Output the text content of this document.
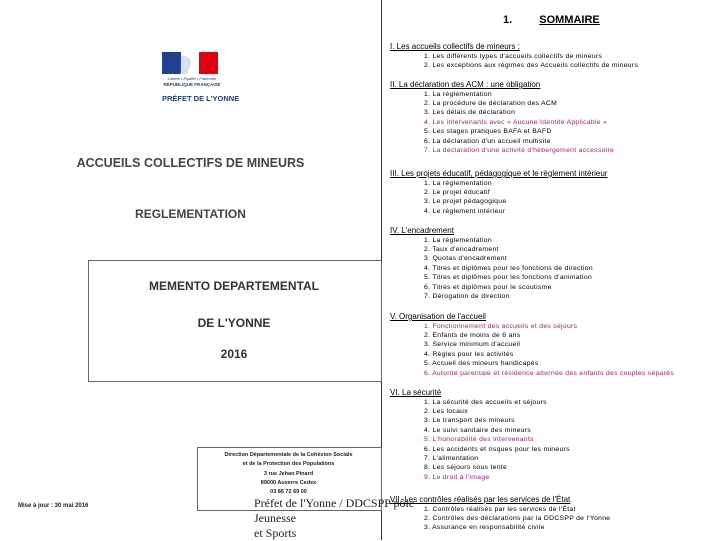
Liberté • Égalité • Fraternité
RÉPUBLIQUE FRANÇAISE
PRÉFET DE L'YONNE
ACCUEILS COLLECTIFS DE MINEURS
REGLEMENTATION
MEMENTO DEPARTEMENTAL
DE L'YONNE
2016
Direction Départementale de la Cohésion Sociale
et de la Protection des Populations
3 rue Jehan Pinard
89000 Auxerre Cedex
03 86 72 69 00
Mise à jour : 30 mai 2016	Préfet de l'Yonne / DDCSPP pôle Jeunesse
et Sports
1. SOMMAIRE
I. Les accueils collectifs de mineurs :
1. Les différents types d'accueils collectifs de mineurs
2. Les exceptions aux régimes des Accueils collectifs de mineurs
II. La déclaration des ACM : une obligation
1. La réglementation
2. La procédure de déclaration des ACM
3. Les délais de déclaration
4. Les intervenants avec « Aucune Identité Applicable »
5. Les stages pratiques BAFA et BAFD
6. La déclaration d'un accueil multisite
7. La déclaration d'une activité d'hébergement accessoire
III. Les projets éducatif, pédagogique et le règlement intérieur
1. La réglementation
2. Le projet éducatif
3. Le projet pédagogique
4. Le règlement intérieur
IV. L'encadrement
1. La réglementation
2. Taux d'encadrement
3. Quotas d'encadrement
4. Titres et diplômes pour les fonctions de direction
5. Titres et diplômes pour les fonctions d'animation
6. Titres et diplômes pour le scoutisme
7. Dérogation de direction
V. Organisation de l'accueil
1. Fonctionnement des accueils et des séjours
2. Enfants de moins de 6 ans
3. Service minimum d'accueil
4. Règles pour les activités
5. Accueil des mineurs handicapés
6. Autorité parentale et résidence alternée des enfants des couples séparés
VI. La sécurité
1. La sécurité des accueils et séjours
2. Les locaux
3. Le transport des mineurs
4. Le suivi sanitaire des mineurs
5. L'honorabilité des intervenants
6. Les accidents et risques pour les mineurs
7. L'alimentation
8. Les séjours sous tente
9. Le droit à l'image
VII. Les contrôles réalisés par les services de l'État
1. Contrôles réalisés par les services de l'État
2. Contrôles des déclarations par la DDCSPP de l'Yonne
3. Assurance en responsabilité civile
